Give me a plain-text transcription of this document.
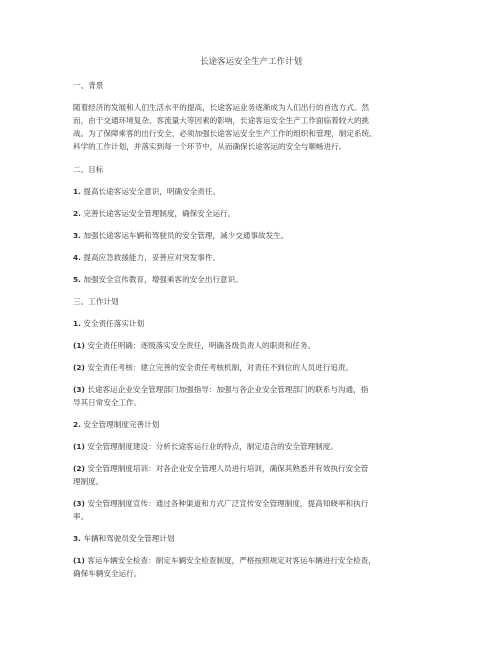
长途客运安全生产工作计划
一、背景
随着经济的发展和人们生活水平的提高，长途客运业务逐渐成为人们出行的首选方式。然
而，由于交通环境复杂、客流量大等因素的影响，长途客运安全生产工作面临着较大的挑
战。为了保障乘客的出行安全，必须加强长途客运安全生产工作的组织和管理，制定系统、
科学的工作计划，并落实到每一个环节中，从而确保长途客运的安全与顺畅进行。
二、目标
1. 提高长途客运安全意识，明确安全责任。
2. 完善长途客运安全管理制度，确保安全运行。
3. 加强长途客运车辆和驾驶员的安全管理，减少交通事故发生。
4. 提高应急救援能力，妥善应对突发事件。
5. 加强安全宣传教育，增强乘客的安全出行意识。
三、工作计划
1. 安全责任落实计划
(1) 安全责任明确：逐级落实安全责任，明确各级负责人的职责和任务。
(2) 安全责任考核：建立完善的安全责任考核机制，对责任不到位的人员进行追责。
(3) 长途客运企业安全管理部门加强指导：加强与各企业安全管理部门的联系与沟通，指
导其日常安全工作。
2. 安全管理制度完善计划
(1) 安全管理制度建设：分析长途客运行业的特点，制定适合的安全管理制度。
(2) 安全管理制度培训：对各企业安全管理人员进行培训，确保其熟悉并有效执行安全管
理制度。
(3) 安全管理制度宣传：通过各种渠道和方式广泛宣传安全管理制度，提高知晓率和执行
率。
3. 车辆和驾驶员安全管理计划
(1) 客运车辆安全检查：制定车辆安全检查制度，严格按照规定对客运车辆进行安全检查，
确保车辆安全运行。
